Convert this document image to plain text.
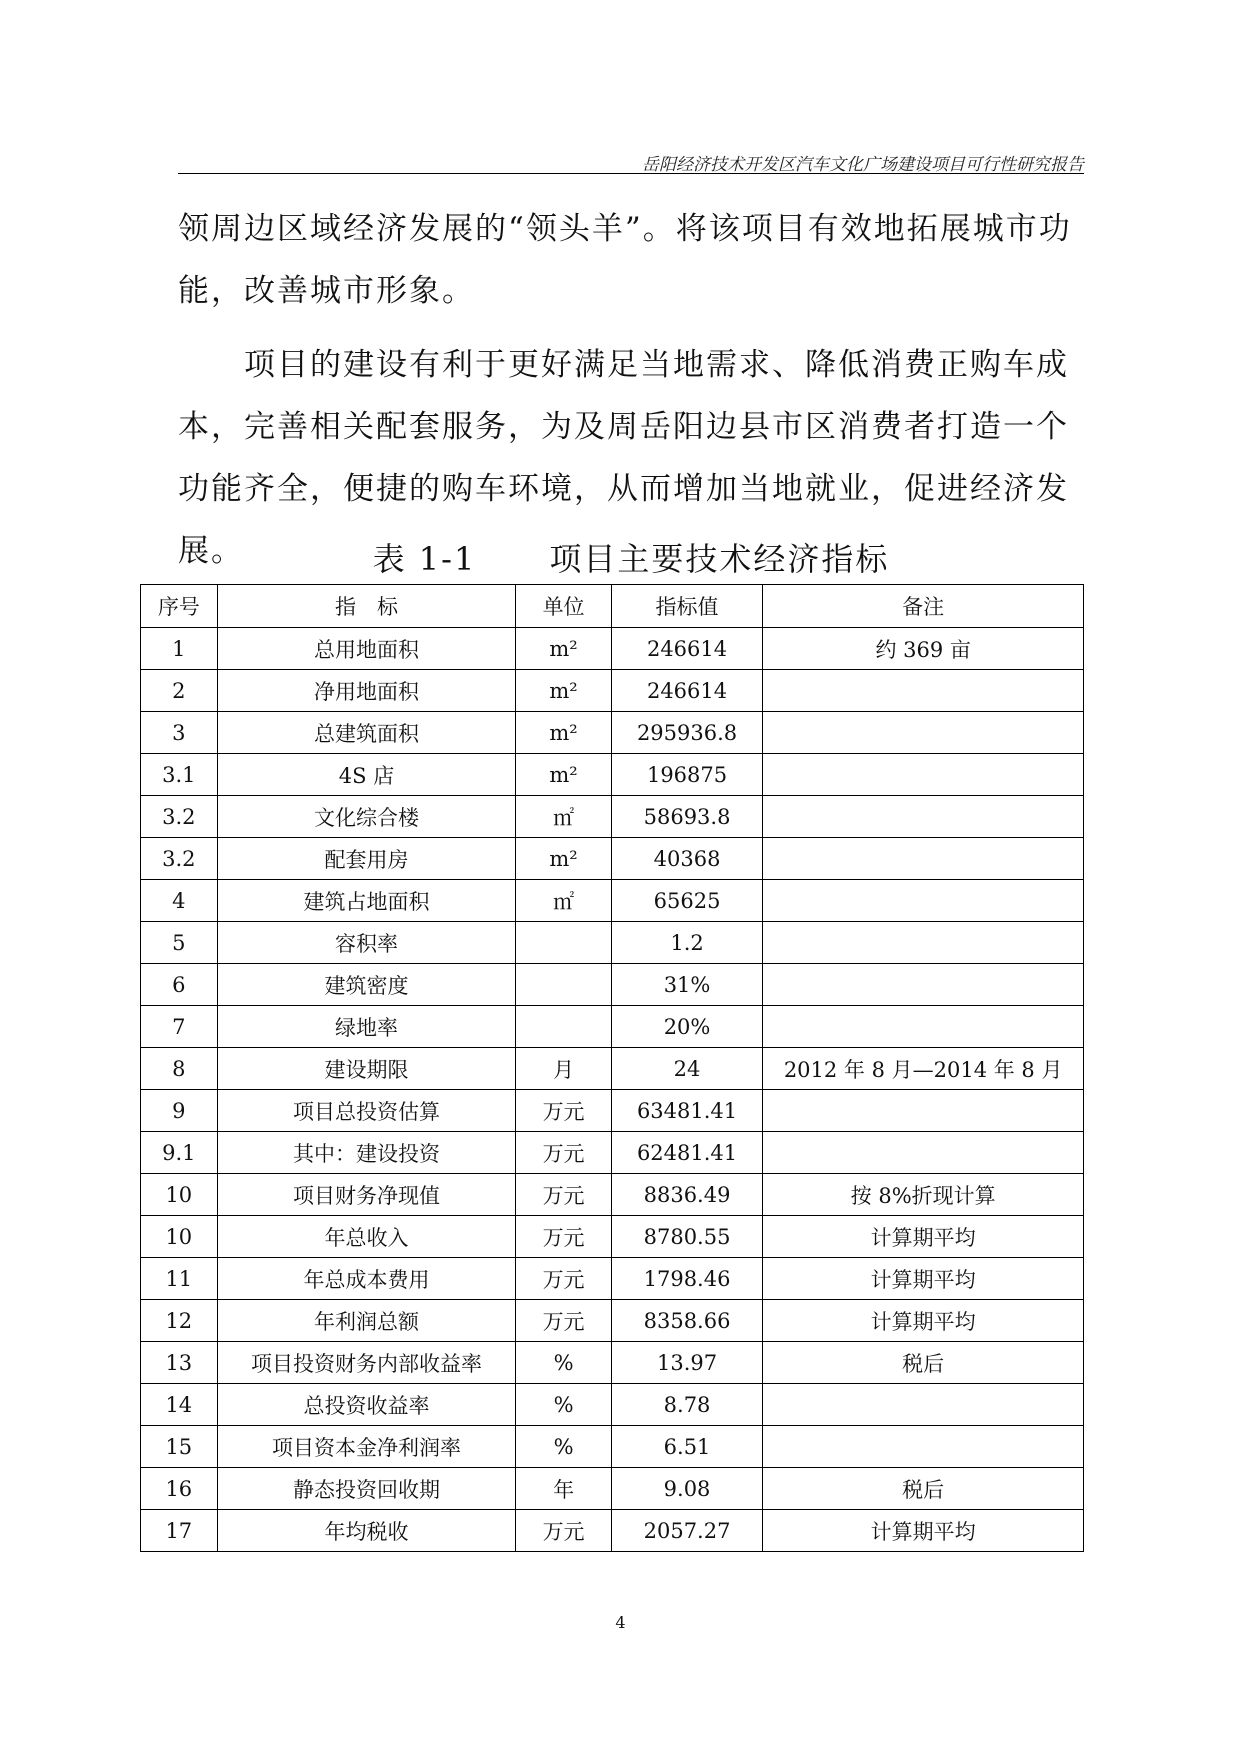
岳阳经济技术开发区汽车文化广场建设项目可行性研究报告

领周边区域经济发展的“领头羊”。将该项目有效地拓展城市功能，改善城市形象。

项目的建设有利于更好满足当地需求、降低消费正购车成本，完善相关配套服务，为及周岳阳边县市区消费者打造一个功能齐全，便捷的购车环境，从而增加当地就业，促进经济发展。	表 1-1 项目主要技术经济指标
序号	指　标	单位	指标值	备注
1	总用地面积	m²	246614	约 369 亩
2	净用地面积	m²	246614	
3	总建筑面积	m²	295936.8	
3.1	4S 店	m²	196875	
3.2	文化综合楼	㎡	58693.8	
3.2	配套用房	m²	40368	
4	建筑占地面积	㎡	65625	
5	容积率		1.2	
6	建筑密度		31%	
7	绿地率		20%	
8	建设期限	月	24	2012 年 8 月—2014 年 8 月
9	项目总投资估算	万元	63481.41	
9.1	其中：建设投资	万元	62481.41	
10	项目财务净现值	万元	8836.49	按 8%折现计算
10	年总收入	万元	8780.55	计算期平均
11	年总成本费用	万元	1798.46	计算期平均
12	年利润总额	万元	8358.66	计算期平均
13	项目投资财务内部收益率	%	13.97	税后
14	总投资收益率	%	8.78	
15	项目资本金净利润率	%	6.51	
16	静态投资回收期	年	9.08	税后
17	年均税收	万元	2057.27	计算期平均
4
